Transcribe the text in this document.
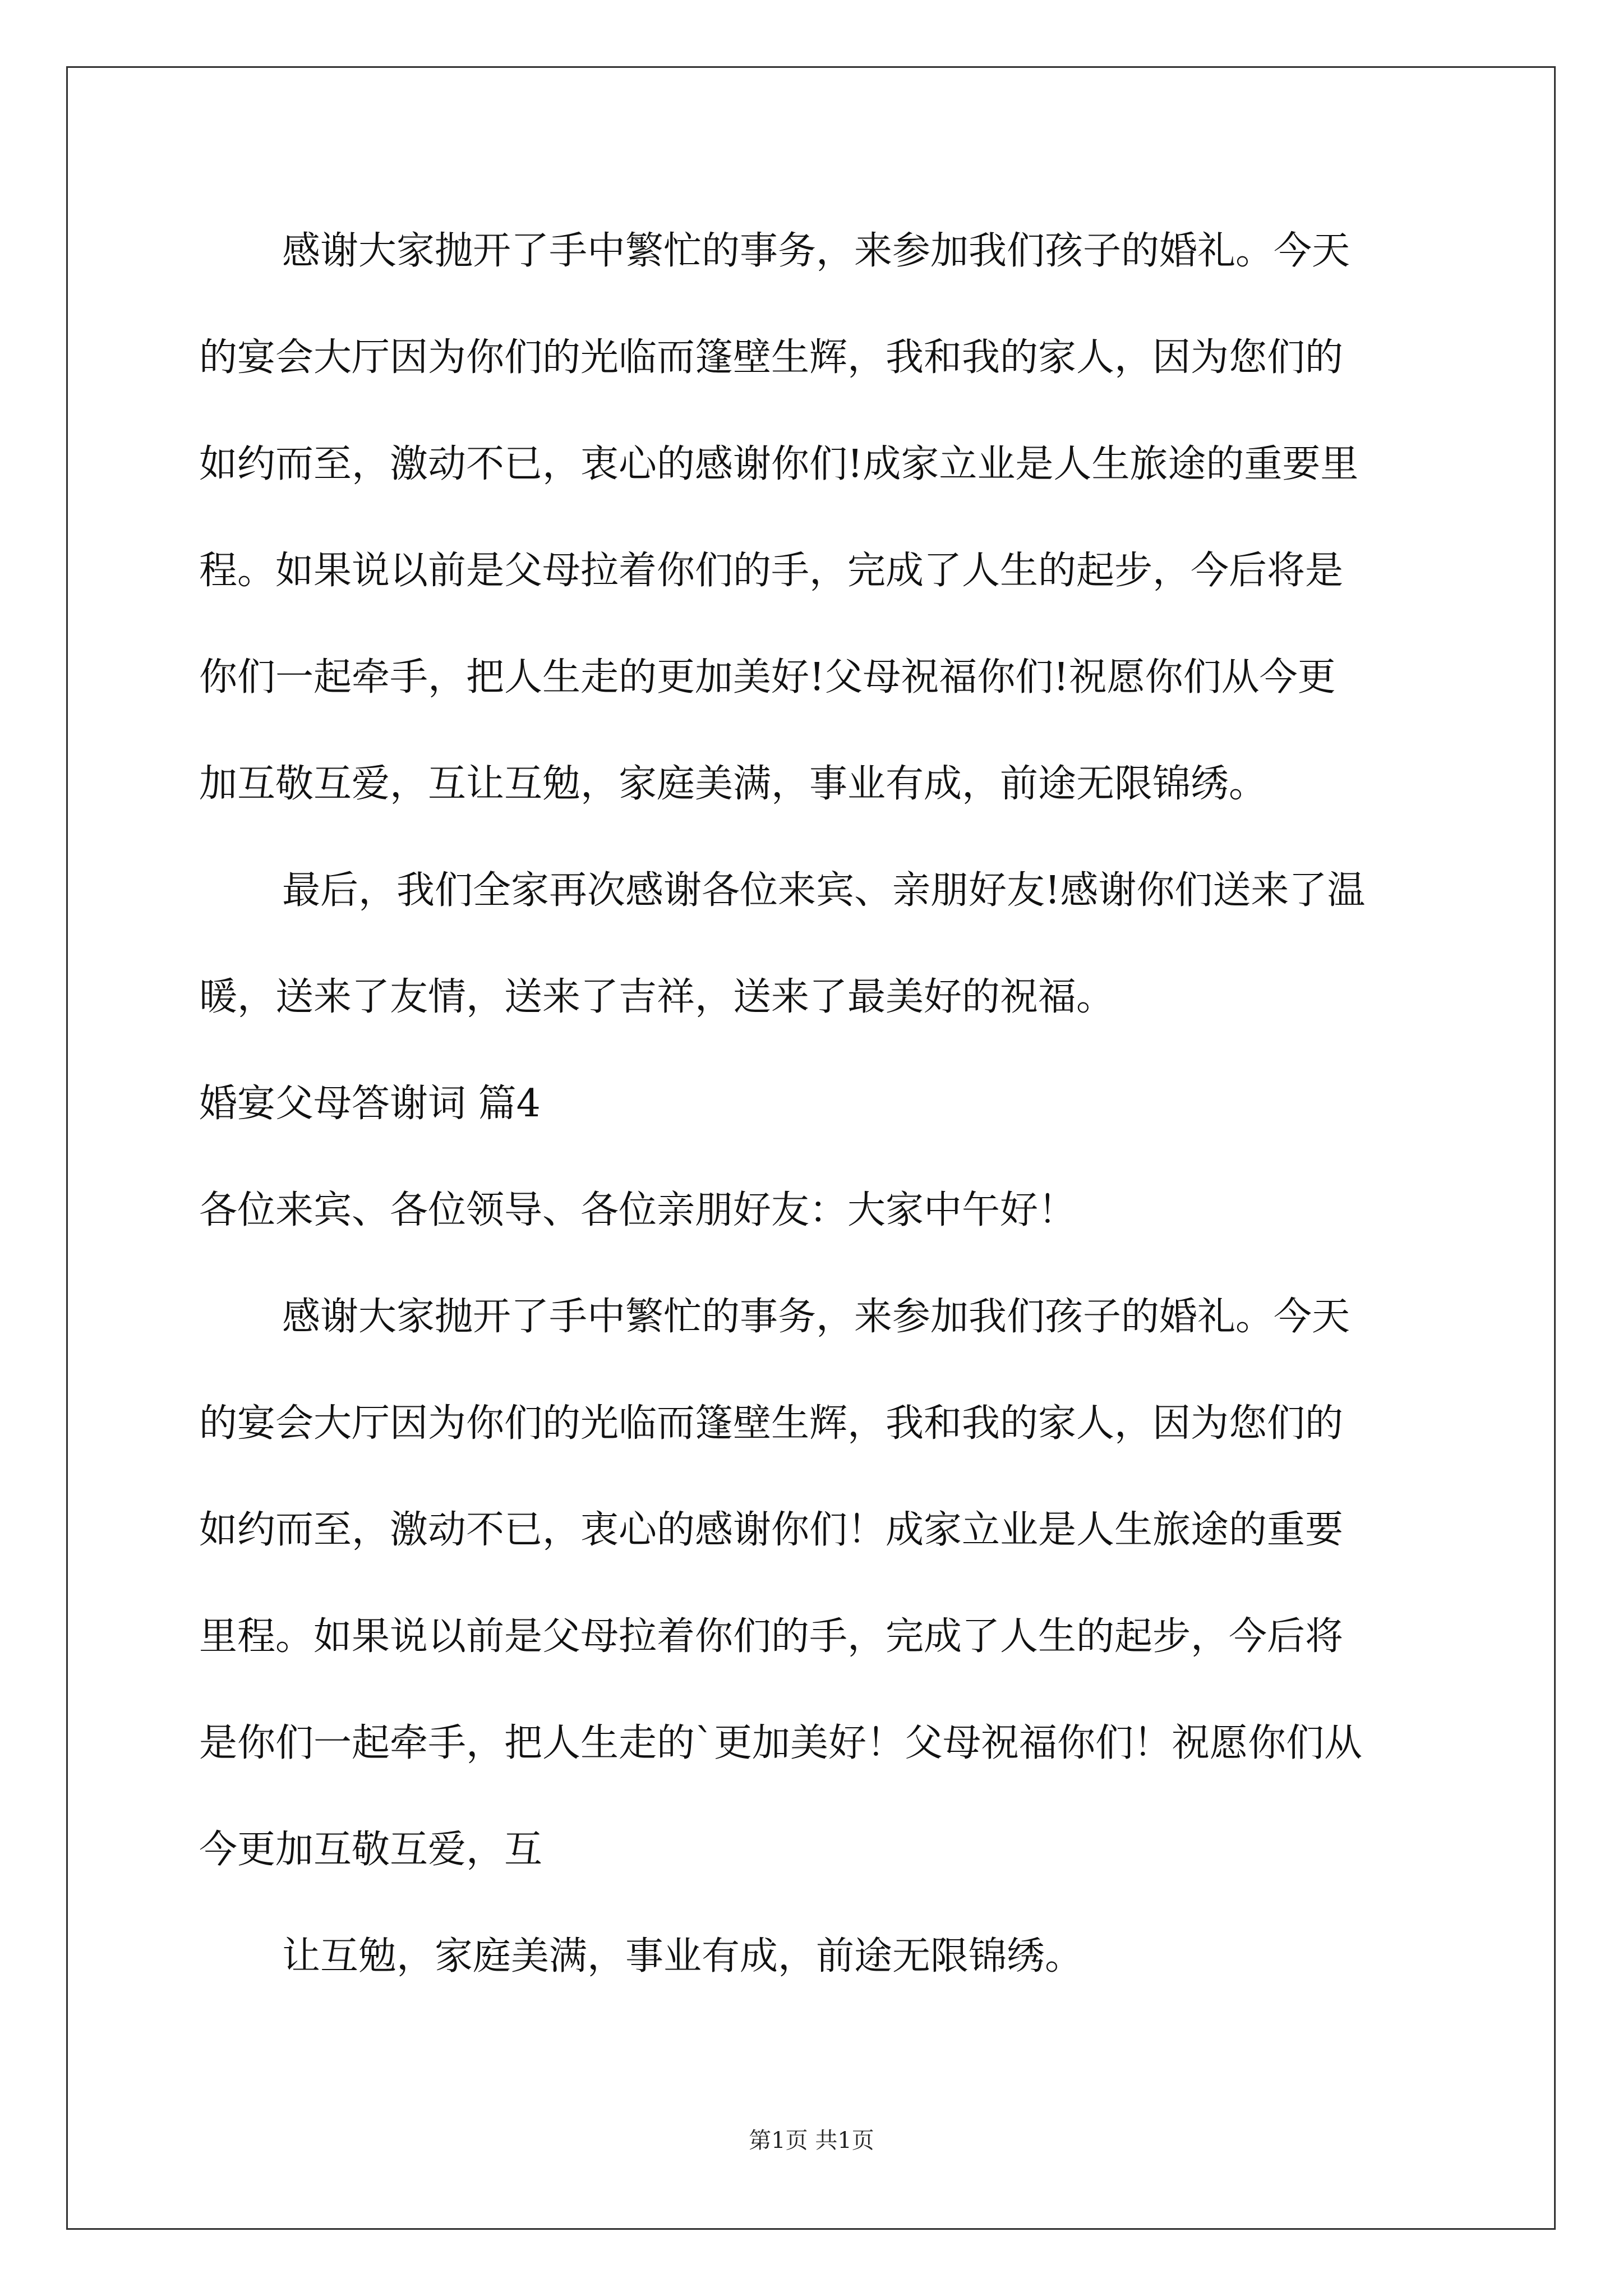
感谢大家抛开了手中繁忙的事务，来参加我们孩子的婚礼。今天
的宴会大厅因为你们的光临而篷壁生辉，我和我的家人，因为您们的
如约而至，激动不已，衷心的感谢你们!成家立业是人生旅途的重要里
程。如果说以前是父母拉着你们的手，完成了人生的起步，今后将是
你们一起牵手，把人生走的更加美好!父母祝福你们!祝愿你们从今更
加互敬互爱，互让互勉，家庭美满，事业有成，前途无限锦绣。
最后，我们全家再次感谢各位来宾、亲朋好友!感谢你们送来了温
暖，送来了友情，送来了吉祥，送来了最美好的祝福。
婚宴父母答谢词 篇4
各位来宾、各位领导、各位亲朋好友：大家中午好！
感谢大家抛开了手中繁忙的事务，来参加我们孩子的婚礼。今天
的宴会大厅因为你们的光临而篷壁生辉，我和我的家人，因为您们的
如约而至，激动不已，衷心的感谢你们！成家立业是人生旅途的重要
里程。如果说以前是父母拉着你们的手，完成了人生的起步，今后将
是你们一起牵手，把人生走的`更加美好！父母祝福你们！祝愿你们从
今更加互敬互爱，互
让互勉，家庭美满，事业有成，前途无限锦绣。
第1页 共1页
